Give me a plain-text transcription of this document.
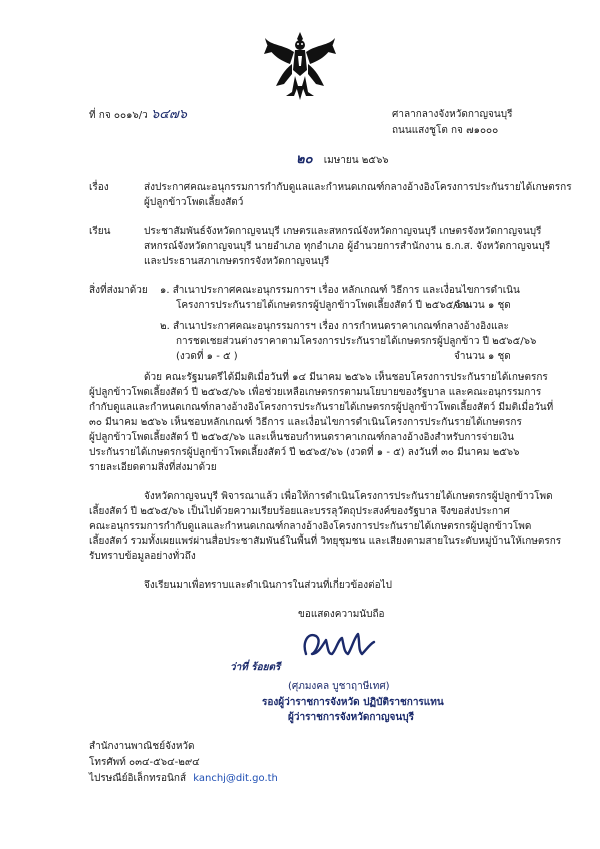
ที่ กจ ๐๐๑๖/ว ๖๔๗๖	ศาลากลางจังหวัดกาญจนบุรี
ถนนแสงชูโต กจ ๗๑๐๐๐
๒๐ เมษายน ๒๕๖๖
เรื่อง	ส่งประกาศคณะอนุกรรมการกำกับดูแลและกำหนดเกณฑ์กลางอ้างอิงโครงการประกันรายได้เกษตรกร
ผู้ปลูกข้าวโพดเลี้ยงสัตว์
เรียน	ประชาสัมพันธ์จังหวัดกาญจนบุรี เกษตรและสหกรณ์จังหวัดกาญจนบุรี เกษตรจังหวัดกาญจนบุรี
สหกรณ์จังหวัดกาญจนบุรี นายอำเภอ ทุกอำเภอ ผู้อำนวยการสำนักงาน ธ.ก.ส. จังหวัดกาญจนบุรี
และประธานสภาเกษตรกรจังหวัดกาญจนบุรี
สิ่งที่ส่งมาด้วย ๑. สำเนาประกาศคณะอนุกรรมการฯ เรื่อง หลักเกณฑ์ วิธีการ และเงื่อนไขการดำเนิน
โครงการประกันรายได้เกษตรกรผู้ปลูกข้าวโพดเลี้ยงสัตว์ ปี ๒๕๖๕/๖๖
จำนวน ๑ ชุด
๒. สำเนาประกาศคณะอนุกรรมการฯ เรื่อง การกำหนดราคาเกณฑ์กลางอ้างอิงและ
การชดเชยส่วนต่างราคาตามโครงการประกันรายได้เกษตรกรผู้ปลูกข้าว ปี ๒๕๖๕/๖๖
(งวดที่ ๑ - ๕ )	จำนวน ๑ ชุด
ด้วย คณะรัฐมนตรีได้มีมติเมื่อวันที่ ๑๔ มีนาคม ๒๕๖๖ เห็นชอบโครงการประกันรายได้เกษตรกร
ผู้ปลูกข้าวโพดเลี้ยงสัตว์ ปี ๒๕๖๕/๖๖ เพื่อช่วยเหลือเกษตรกรตามนโยบายของรัฐบาล และคณะอนุกรรมการ
กำกับดูแลและกำหนดเกณฑ์กลางอ้างอิงโครงการประกันรายได้เกษตรกรผู้ปลูกข้าวโพดเลี้ยงสัตว์ มีมติเมื่อวันที่
๓๐ มีนาคม ๒๕๖๖ เห็นชอบหลักเกณฑ์ วิธีการ และเงื่อนไขการดำเนินโครงการประกันรายได้เกษตรกร
ผู้ปลูกข้าวโพดเลี้ยงสัตว์ ปี ๒๕๖๕/๖๖ และเห็นชอบกำหนดราคาเกณฑ์กลางอ้างอิงสำหรับการจ่ายเงิน
ประกันรายได้เกษตรกรผู้ปลูกข้าวโพดเลี้ยงสัตว์ ปี ๒๕๖๕/๖๖ (งวดที่ ๑ - ๕) ลงวันที่ ๓๐ มีนาคม ๒๕๖๖
รายละเอียดตามสิ่งที่ส่งมาด้วย
จังหวัดกาญจนบุรี พิจารณาแล้ว เพื่อให้การดำเนินโครงการประกันรายได้เกษตรกรผู้ปลูกข้าวโพด
เลี้ยงสัตว์ ปี ๒๕๖๕/๖๖ เป็นไปด้วยความเรียบร้อยและบรรลุวัตถุประสงค์ของรัฐบาล จึงขอส่งประกาศ
คณะอนุกรรมการกำกับดูแลและกำหนดเกณฑ์กลางอ้างอิงโครงการประกันรายได้เกษตรกรผู้ปลูกข้าวโพด
เลี้ยงสัตว์ รวมทั้งเผยแพร่ผ่านสื่อประชาสัมพันธ์ในพื้นที่ วิทยุชุมชน และเสียงตามสายในระดับหมู่บ้านให้เกษตรกร
รับทราบข้อมูลอย่างทั่วถึง
จึงเรียนมาเพื่อทราบและดำเนินการในส่วนที่เกี่ยวข้องต่อไป
ขอแสดงความนับถือ
ว่าที่ ร้อยตรี
(ศุภมงคล บูชาฤาษีเทศ)
รองผู้ว่าราชการจังหวัด ปฏิบัติราชการแทน
ผู้ว่าราชการจังหวัดกาญจนบุรี
สำนักงานพาณิชย์จังหวัด
โทรศัพท์ ๐๓๔-๕๖๔-๒๙๔
ไปรษณีย์อิเล็กทรอนิกส์ kanchj@dit.go.th
